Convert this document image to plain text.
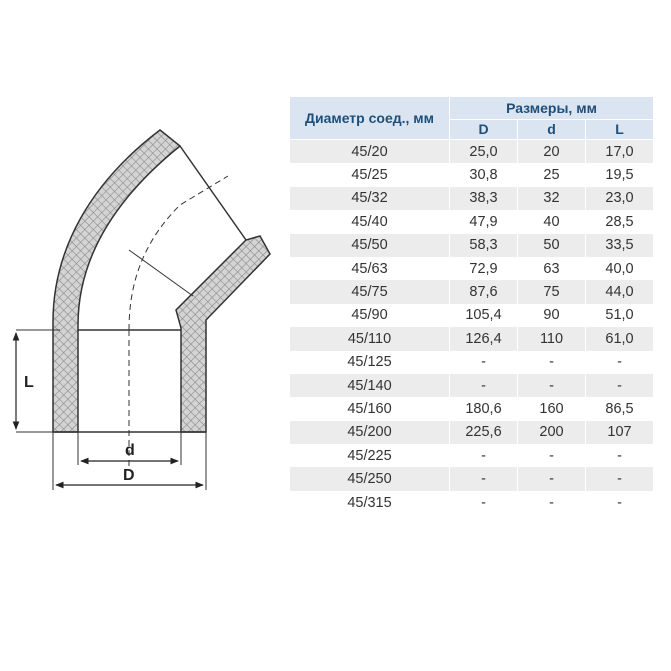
L
d
D
Диаметр соед., мм	Размеры, мм		
	D	d	L
45/20	25,0	20	17,0
45/25	30,8	25	19,5
45/32	38,3	32	23,0
45/40	47,9	40	28,5
45/50	58,3	50	33,5
45/63	72,9	63	40,0
45/75	87,6	75	44,0
45/90	105,4	90	51,0
45/110	126,4	110	61,0
45/125	-	-	-
45/140	-	-	-
45/160	180,6	160	86,5
45/200	225,6	200	107
45/225	-	-	-
45/250	-	-	-
45/315	-	-	-
